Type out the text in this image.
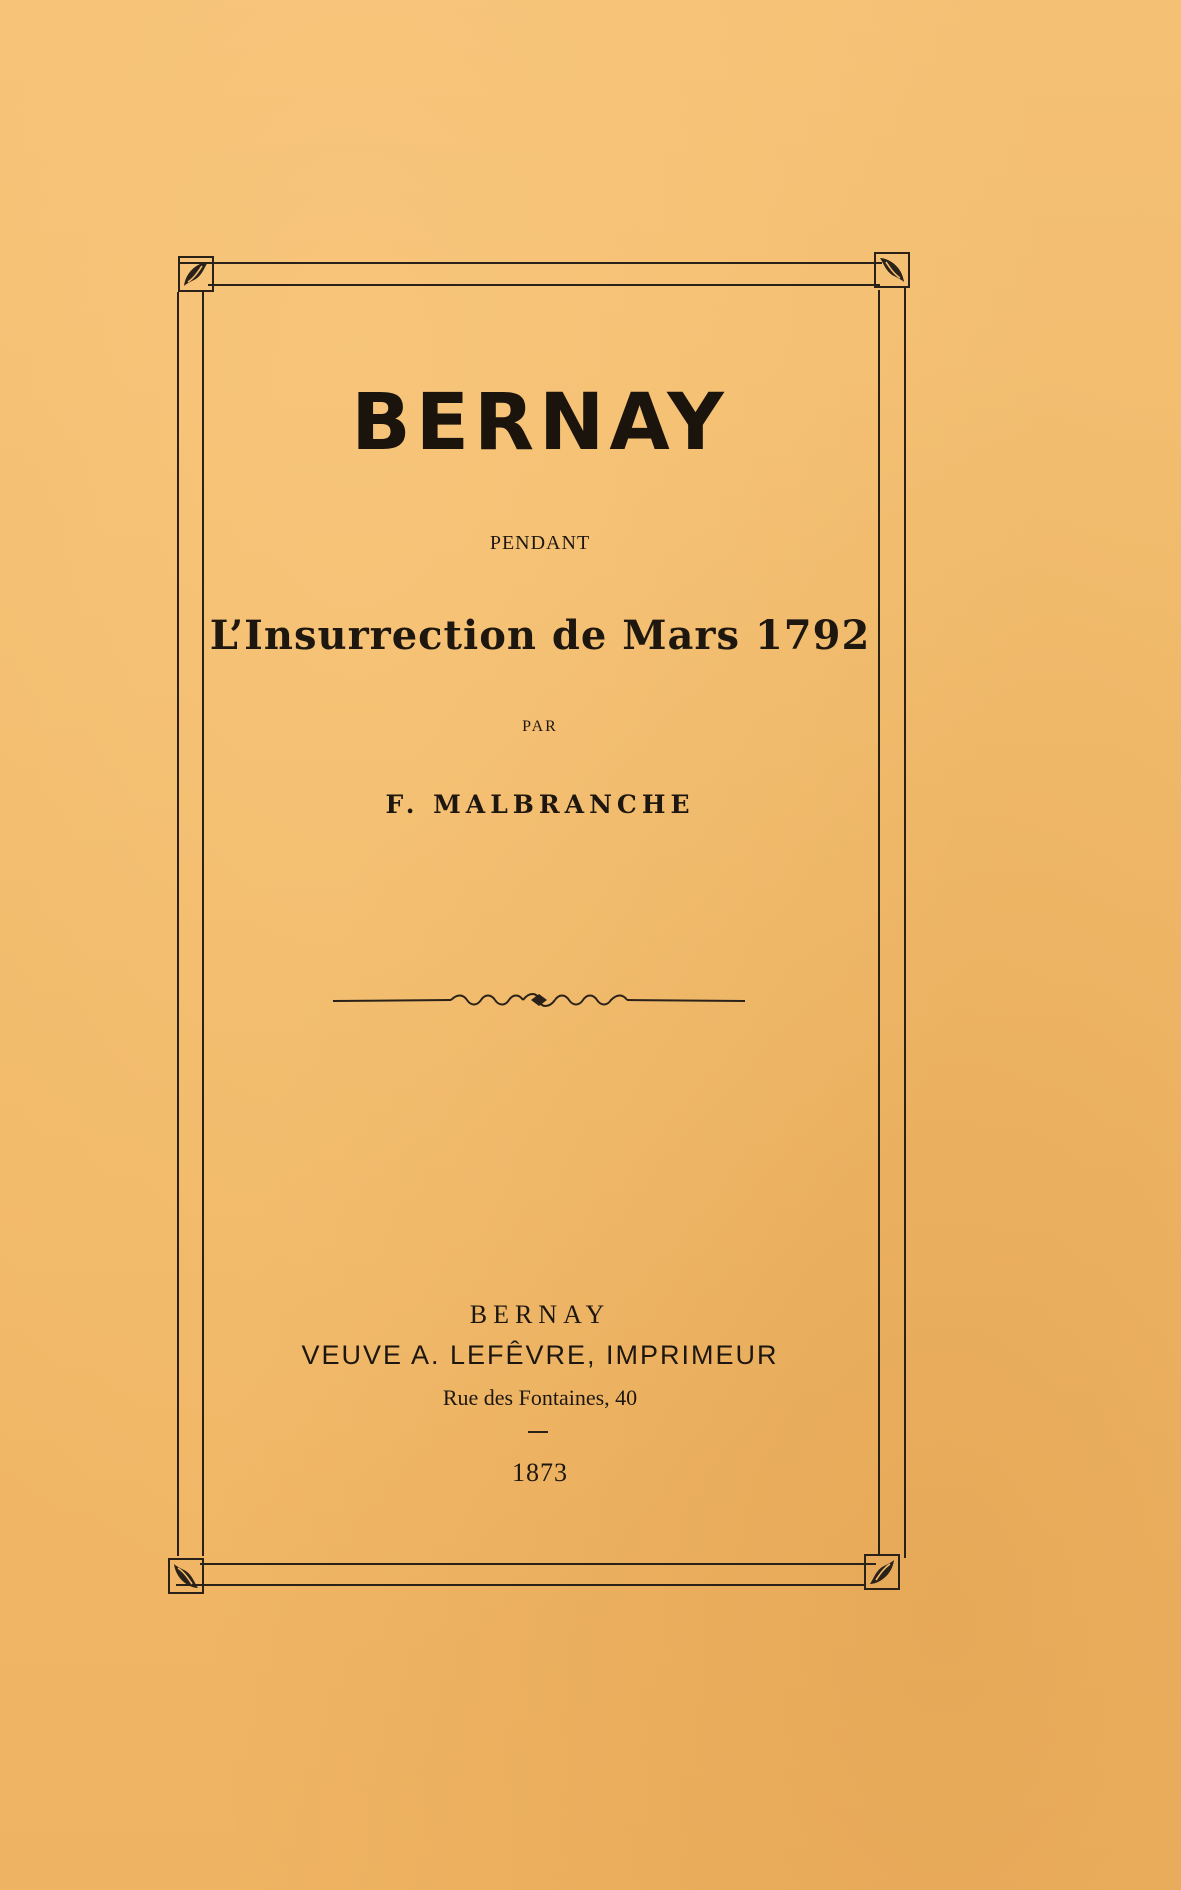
BERNAY
PENDANT
L’Insurrection de Mars 1792
PAR
F. MALBRANCHE
BERNAY
VEUVE A. LEFÊVRE, IMPRIMEUR
Rue des Fontaines, 40
1873
